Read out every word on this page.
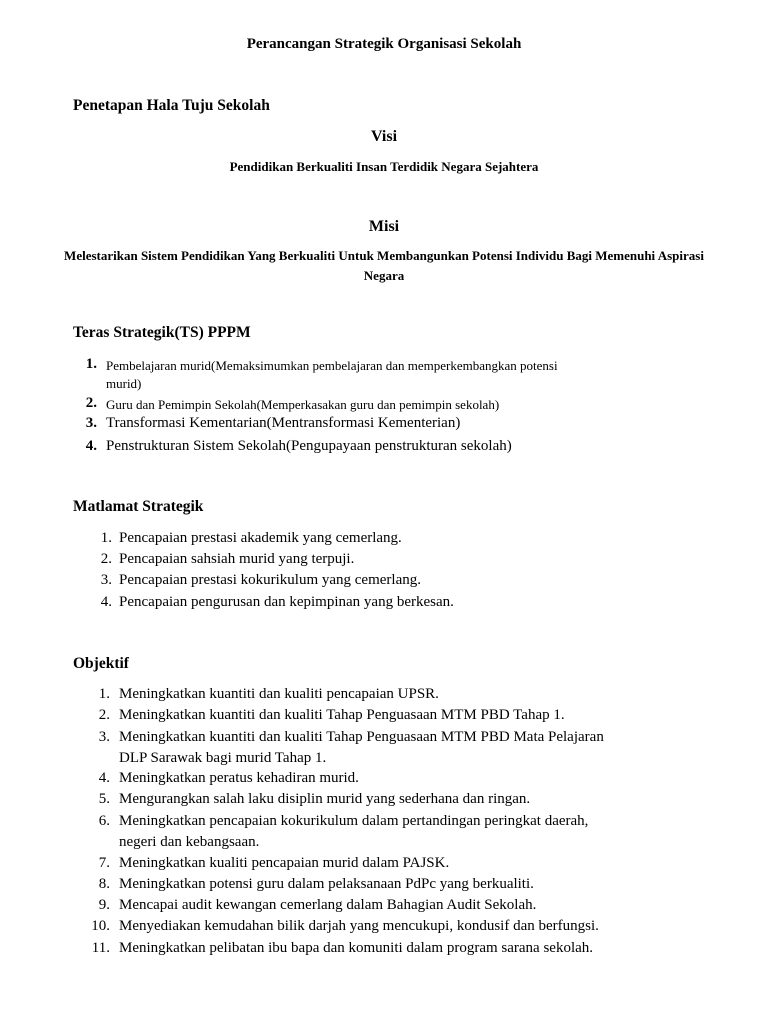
Perancangan Strategik Organisasi Sekolah
Penetapan Hala Tuju Sekolah
Visi
Pendidikan Berkualiti Insan Terdidik Negara Sejahtera
Misi
Melestarikan Sistem Pendidikan Yang Berkualiti Untuk Membangunkan Potensi Individu Bagi Memenuhi Aspirasi Negara
Teras Strategik(TS) PPPM
1. Pembelajaran murid(Memaksimumkan pembelajaran dan memperkembangkan potensi
murid)
2. Guru dan Pemimpin Sekolah(Memperkasakan guru dan pemimpin sekolah)
3. Transformasi Kementarian(Mentransformasi Kementerian)
4. Penstrukturan Sistem Sekolah(Pengupayaan penstrukturan sekolah)
Matlamat Strategik
1. Pencapaian prestasi akademik yang cemerlang.
2. Pencapaian sahsiah murid yang terpuji.
3. Pencapaian prestasi kokurikulum yang cemerlang.
4. Pencapaian pengurusan dan kepimpinan yang berkesan.
Objektif
1. Meningkatkan kuantiti dan kualiti pencapaian UPSR.
2. Meningkatkan kuantiti dan kualiti Tahap Penguasaan MTM PBD Tahap 1.
3. Meningkatkan kuantiti dan kualiti Tahap Penguasaan MTM PBD Mata Pelajaran
DLP Sarawak bagi murid Tahap 1.
4. Meningkatkan peratus kehadiran murid.
5. Mengurangkan salah laku disiplin murid yang sederhana dan ringan.
6. Meningkatkan pencapaian kokurikulum dalam pertandingan peringkat daerah,
negeri dan kebangsaan.
7. Meningkatkan kualiti pencapaian murid dalam PAJSK.
8. Meningkatkan potensi guru dalam pelaksanaan PdPc yang berkualiti.
9. Mencapai audit kewangan cemerlang dalam Bahagian Audit Sekolah.
10. Menyediakan kemudahan bilik darjah yang mencukupi, kondusif dan berfungsi.
11. Meningkatkan pelibatan ibu bapa dan komuniti dalam program sarana sekolah.
